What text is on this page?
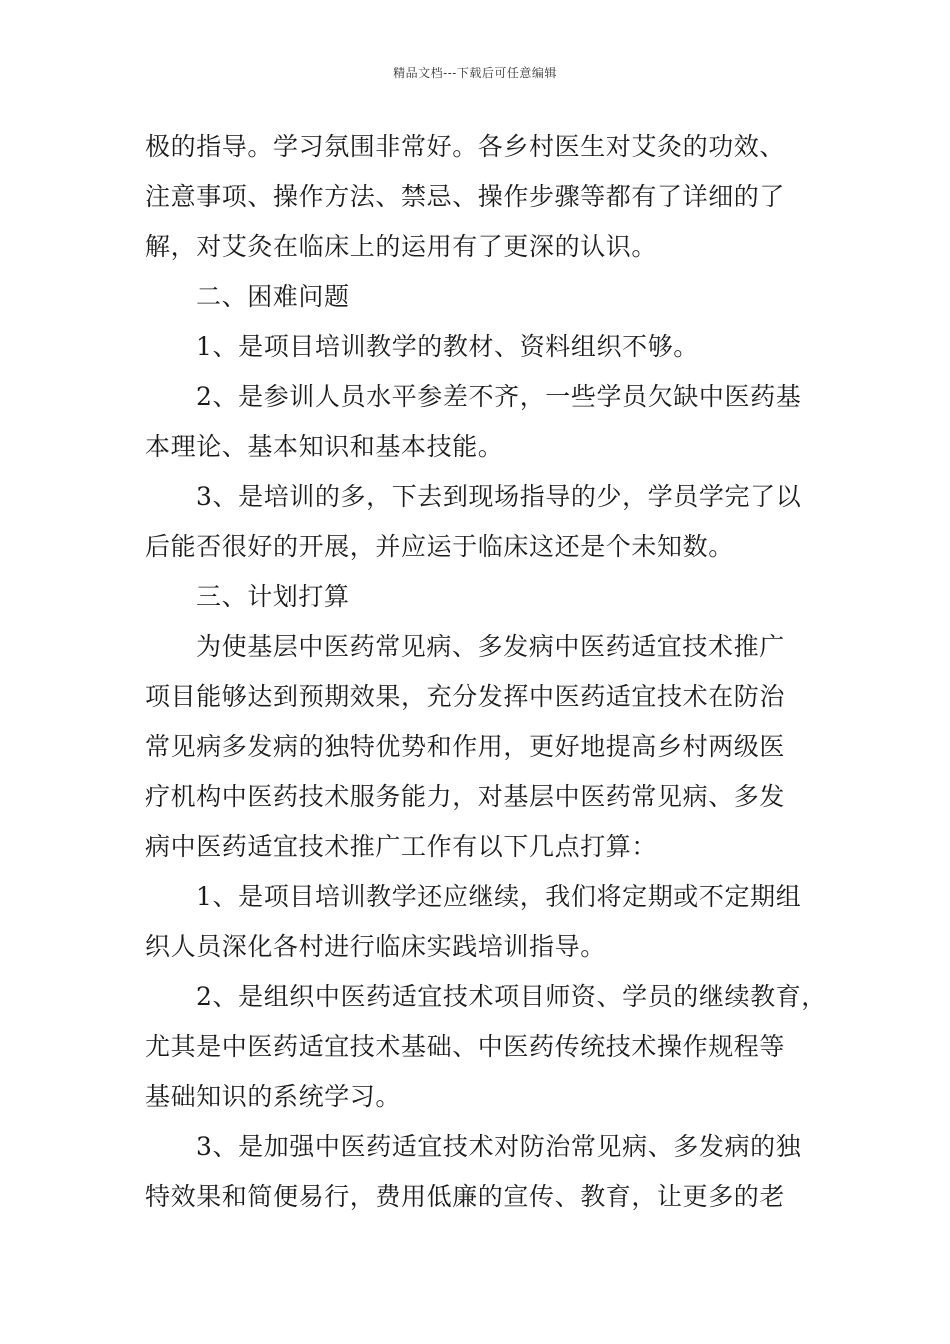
精品文档---下载后可任意编辑
极的指导。学习氛围非常好。各乡村医生对艾灸的功效、
注意事项、操作方法、禁忌、操作步骤等都有了详细的了
解，对艾灸在临床上的运用有了更深的认识。
二、困难问题
1、是项目培训教学的教材、资料组织不够。
2、是参训人员水平参差不齐，一些学员欠缺中医药基
本理论、基本知识和基本技能。
3、是培训的多，下去到现场指导的少，学员学完了以
后能否很好的开展，并应运于临床这还是个未知数。
三、计划打算
为使基层中医药常见病、多发病中医药适宜技术推广
项目能够达到预期效果，充分发挥中医药适宜技术在防治
常见病多发病的独特优势和作用，更好地提高乡村两级医
疗机构中医药技术服务能力，对基层中医药常见病、多发
病中医药适宜技术推广工作有以下几点打算：
1、是项目培训教学还应继续，我们将定期或不定期组
织人员深化各村进行临床实践培训指导。
2、是组织中医药适宜技术项目师资、学员的继续教育，
尤其是中医药适宜技术基础、中医药传统技术操作规程等
基础知识的系统学习。
3、是加强中医药适宜技术对防治常见病、多发病的独
特效果和简便易行，费用低廉的宣传、教育，让更多的老
